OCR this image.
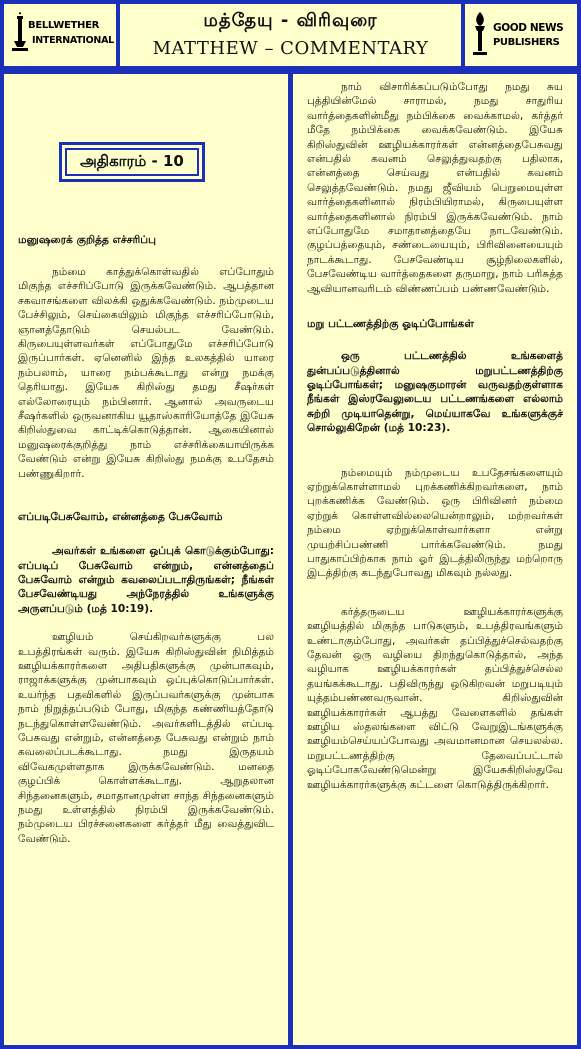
BELLWETHER
INTERNATIONAL
மத்தேயு - விரிவுரை
MATTHEW – COMMENTARY
GOOD NEWS
PUBLISHERS
அதிகாரம் - 10

மனுஷரைக் குறித்த எச்சரிப்பு

நம்மை காத்துக்கொள்வதில் எப்போதும் மிகுந்த எச்சரிப்போடு இருக்கவேண்டும். ஆபத்தான சகவாசங்களை விலக்கி ஒதுக்கவேண்டும். நம்முடைய பேச்சிலும், செய்கையிலும் மிகுந்த எச்சரிப்போடும், ஞானத்தோடும் செயல்பட வேண்டும். கிருபையுள்ளவர்கள் எப்போதுமே எச்சரிப்போடு இருப்பார்கள். ஏனெனில் இந்த உலகத்தில் யாரை நம்பலாம், யாரை நம்பக்கூடாது என்று நமக்கு தெரியாது. இயேசு கிறிஸ்து தமது சீஷர்கள் எல்லோரையும் நம்பினார். ஆனால் அவருடைய சீஷர்களில் ஒருவனாகிய யூதாஸ்காரியோத்தே இயேசு கிறிஸ்துவை காட்டிக்கொடுத்தான். ஆகையினால் மனுஷரைக்குறித்து நாம் எச்சரிக்கையாயிருக்க வேண்டும் என்று இயேசு கிறிஸ்து நமக்கு உபதேசம் பண்ணுகிறார்.

எப்படிபேசுவோம், என்னத்தை பேசுவோம்

அவர்கள் உங்களை ஒப்புக் கொடுக்கும்போது: எப்படிப் பேசுவோம் என்றும், என்னத்தைப் பேசுவோம் என்றும் கவலைப்படாதிருங்கள்; நீங்கள் பேசவேண்டியது அந்நேரத்தில் உங்களுக்கு அருளப்படும் (மத் 10:19).

ஊழியம் செய்கிறவர்களுக்கு பல உபத்திரங்கள் வரும். இயேசு கிறிஸ்துவின் நிமித்தம் ஊழியக்காரர்களை அதிபதிகளுக்கு முன்பாகவும், ராஜாக்களுக்கு முன்பாகவும் ஒப்புக்கொடுப்பார்கள். உயர்ந்த பதவிகளில் இருப்பவர்களுக்கு முன்பாக நாம் நிறுத்தப்படும் போது, மிகுந்த கண்ணியத்தோடு நடந்துகொள்ளவேண்டும். அவர்களிடத்தில் எப்படி பேசுவது என்றும், என்னத்தை பேசுவது என்றும் நாம் கவலைப்படக்கூடாது. நமது இருதயம் விவேகமுள்ளதாக இருக்கவேண்டும். மனதை குழப்பிக் கொள்ளக்கூடாது. ஆறுதலான சிந்தனைகளும், சமாதானமுள்ள சாந்த சிந்தனைகளும் நமது உள்ளத்தில் நிரம்பி இருக்கவேண்டும். நம்முடைய பிரச்சனைகளை கர்த்தர் மீது வைத்துவிட வேண்டும்.

நாம் விசாரிக்கப்படும்போது நமது சுய புத்தியின்மேல் சாராமல், நமது சாதுரிய வார்த்தைகளின்மீது நம்பிக்கை வைக்காமல், கர்த்தர் மீதே நம்பிக்கை வைக்கவேண்டும். இயேசு கிறிஸ்துவின் ஊழியக்காரர்கள் என்னத்தைபேசுவது என்பதில் கவனம் செலுத்துவதற்கு பதிலாக, என்னத்தை செய்வது என்பதில் கவனம் செலுத்தவேண்டும். நமது ஜீவியம் பெறுமையுள்ள வார்த்தைகளினால் நிரம்பியிராமல், கிருபையுள்ள வார்த்தைகளினால் நிரம்பி இருக்கவேண்டும். நாம் எப்போதுமே சமாதானத்தையே நாடவேண்டும். குழப்பத்தையும், சண்டையையும், பிரிவினையையும் நாடக்கூடாது. பேசவேண்டிய சூழ்நிலைகளில், பேசவேண்டிய வார்த்தைகளை தருமாறு, நாம் பரிசுத்த ஆவியானவரிடம் விண்ணப்பம் பண்ணவேண்டும்.

மறு பட்டணத்திற்கு ஓடிப்போங்கள்

ஒரு பட்டணத்தில் உங்களைத் துன்பப்படுத்தினால் மறுபட்டணத்திற்கு ஓடிப்போங்கள்; மனுஷகுமாரன் வருவதற்குள்ளாக நீங்கள் இஸ்ரவேலுடைய பட்டணங்களை எல்லாம் சுற்றி முடியாதென்று, மெய்யாகவே உங்களுக்குச் சொல்லுகிறேன் (மத் 10:23).

நம்மையும் நம்முடைய உபதேசங்களையும் ஏற்றுக்கொள்ளாமல் புறக்கணிக்கிறவர்களை, நாம் புறக்கணிக்க வேண்டும். ஒரு பிரிவினர் நம்மை ஏற்றுக் கொள்ளவில்லையென்றாலும், மற்றவர்கள் நம்மை ஏற்றுக்கொள்வார்களா என்று முயற்சிப்பண்ணி பார்க்கவேண்டும். நமது பாதுகாப்பிற்காக நாம் ஓர் இடத்திலிருந்து மற்றொரு இடத்திற்கு கடந்துபோவது மிகவும் நல்லது.

கர்த்தருடைய ஊழியக்காரர்களுக்கு ஊழியத்தில் மிகுந்த பாடுகளும், உபத்திரவங்களும் உண்டாகும்போது, அவர்கள் தப்பித்துச்செல்வதற்கு தேவன் ஒரு வழியை திறந்துகொடுத்தால், அந்த வழியாக ஊழியக்காரர்கள் தப்பித்துச்செல்ல தயங்கக்கூடாது. பதிவிருந்து ஒடுகிறவன் மறுபடியும் யுத்தம்பண்ணவருவான். கிறிஸ்துவின் ஊழியக்காரர்கள் ஆபத்து வேளைகளில் தங்கள் ஊழிய ஸ்தலங்களை விட்டு வேறுஇடங்களுக்கு ஊழியம்செய்யப்போவது அவமானமான செயலல்ல. மறுபட்டணத்திற்கு தேவைப்பட்டால் ஓடிப்போகவேண்டுமென்று இயேசுகிறிஸ்துவே ஊழியக்காரர்களுக்கு கட்டளை கொடுத்திருக்கிறார்.
